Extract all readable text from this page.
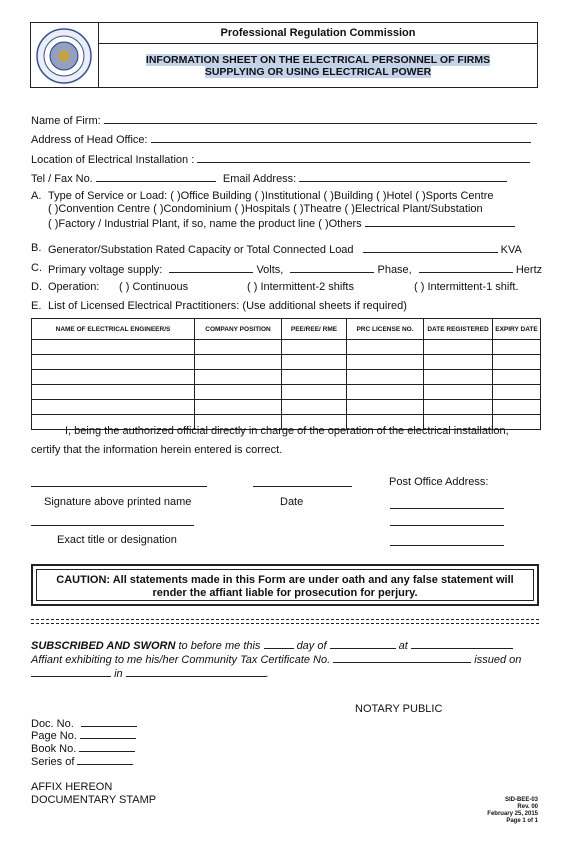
Professional Regulation Commission
INFORMATION SHEET ON THE ELECTRICAL PERSONNEL OF FIRMS
SUPPLYING OR USING ELECTRICAL POWER
Name of Firm:
Address of Head Office:
Location of Electrical Installation :
Tel / Fax No.	Email Address:
A. Type of Service or Load: ( )Office Building ( )Institutional ( )Building ( )Hotel ( )Sports Centre
( )Convention Centre ( )Condominium ( )Hospitals ( )Theatre ( )Electrical Plant/Substation
( )Factory / Industrial Plant, if so, name the product line ( )Others
B. Generator/Substation Rated Capacity or Total Connected Load	KVA
C. Primary voltage supply:	Volts,	Phase,	Hertz
D. Operation: ( ) Continuous	( ) Intermittent-2 shifts	( ) Intermittent-1 shift.
E. List of Licensed Electrical Practitioners: (Use additional sheets if required)
NAME OF ELECTRICAL ENGINEER/S	COMPANY POSITION	PEE/REE/ RME	PRC LICENSE NO.	DATE REGISTERED	EXPIRY DATE

I, being the authorized official directly in charge of the operation of the electrical installation,
certify that the information herein entered is correct.
Post Office Address:
Signature above printed name	Date
Exact title or designation
CAUTION: All statements made in this Form are under oath and any false statement will
render the affiant liable for prosecution for perjury.
SUBSCRIBED AND SWORN to before me this	day of	at
Affiant exhibiting to me his/her Community Tax Certificate No.	issued on
in	.
NOTARY PUBLIC
Doc. No.
Page No.
Book No.
Series of
AFFIX HEREON
DOCUMENTARY STAMP	SID-BEE-03
Rev. 00
February 25, 2015
Page 1 of 1
